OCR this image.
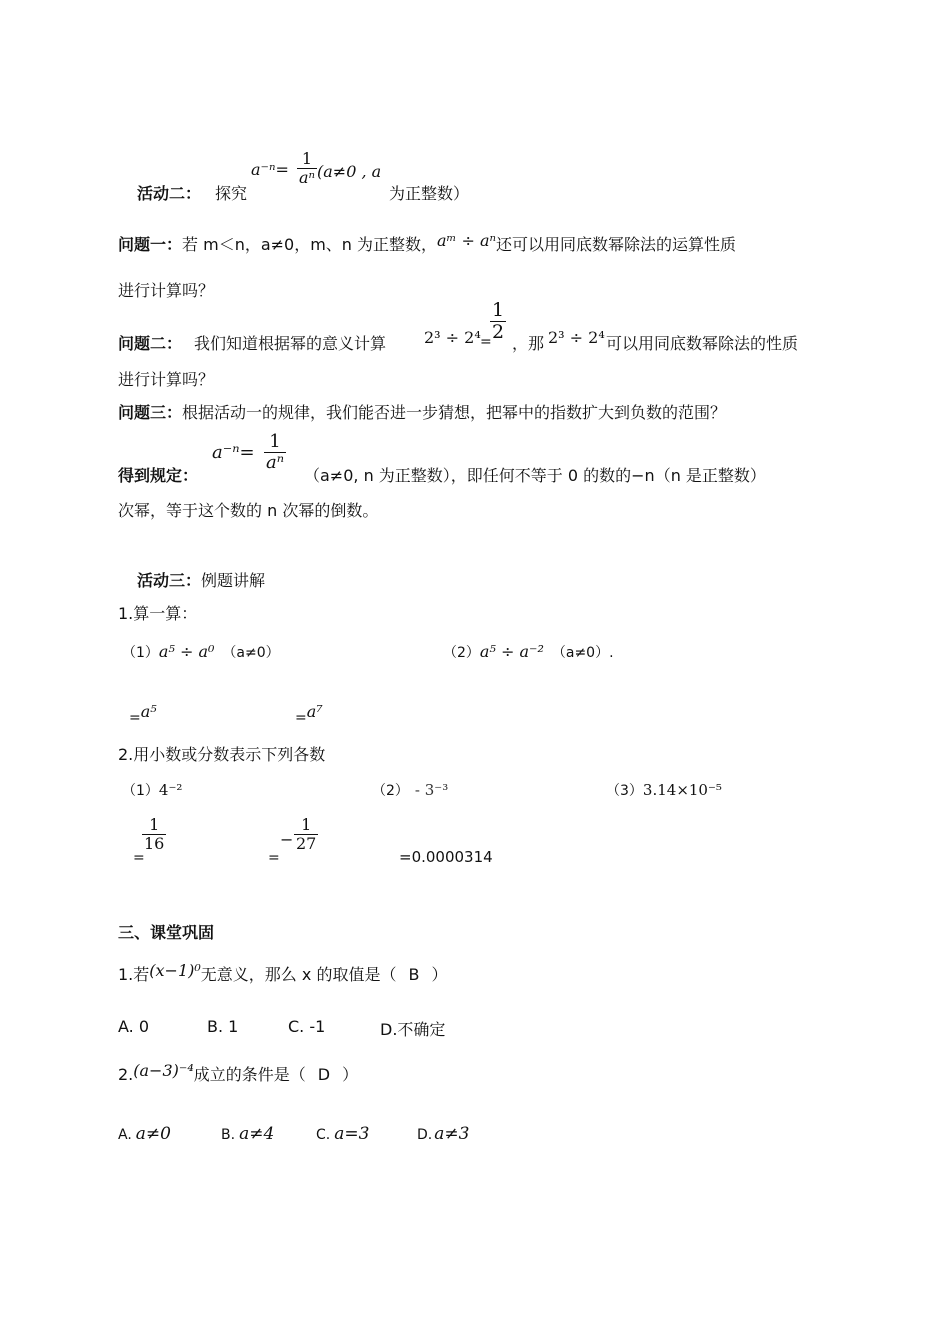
活动二： 探究
$a^{-n}= \frac{1}{\text{aⁿ}} (a\ne 0$ , a
为正整数）
问题一：若 m＜n，a≠0，m、n 为正整数，aᵐ ÷ aⁿ还可以用同底数幂除法的运算性质
进行计算吗？
问题二： 我们知道根据幂的意义计算 2³ ÷ 2⁴ =
$\frac{1}{2}$
，那 2³ ÷ 2⁴ 可以用同底数幂除法的性质
进行计算吗？
问题三：根据活动一的规律，我们能否进一步猜想，把幂中的指数扩大到负数的范围？
得到规定：
$a^{-n}= \frac{1}{\text{aⁿ}}$
（a≠0, n 为正整数），即任何不等于 0 的数的−n（n 是正整数）
次幂，等于这个数的 n 次幂的倒数。
活动三：例题讲解
1.算一算：
（1）a⁵ ÷ a⁰ （a≠0）	（2）a⁵ ÷ a⁻² （a≠0）.
=a⁵	=a⁷
2.用小数或分数表示下列各数
（1）4⁻²	（2） - 3⁻³	（3）3.14×10⁻⁵
=
$\frac{1}{16}$
=
− $\frac{1}{27}$
=0.0000314
三、课堂巩固
1.若(x−1)⁰无意义，那么 x 的取值是（ B ）
A. 0	B. 1	C. -1	D.不确定
2.(a−3)⁻⁴成立的条件是（ D ）
A. a≠0	B. a≠4	C. a=3	D. a≠3
